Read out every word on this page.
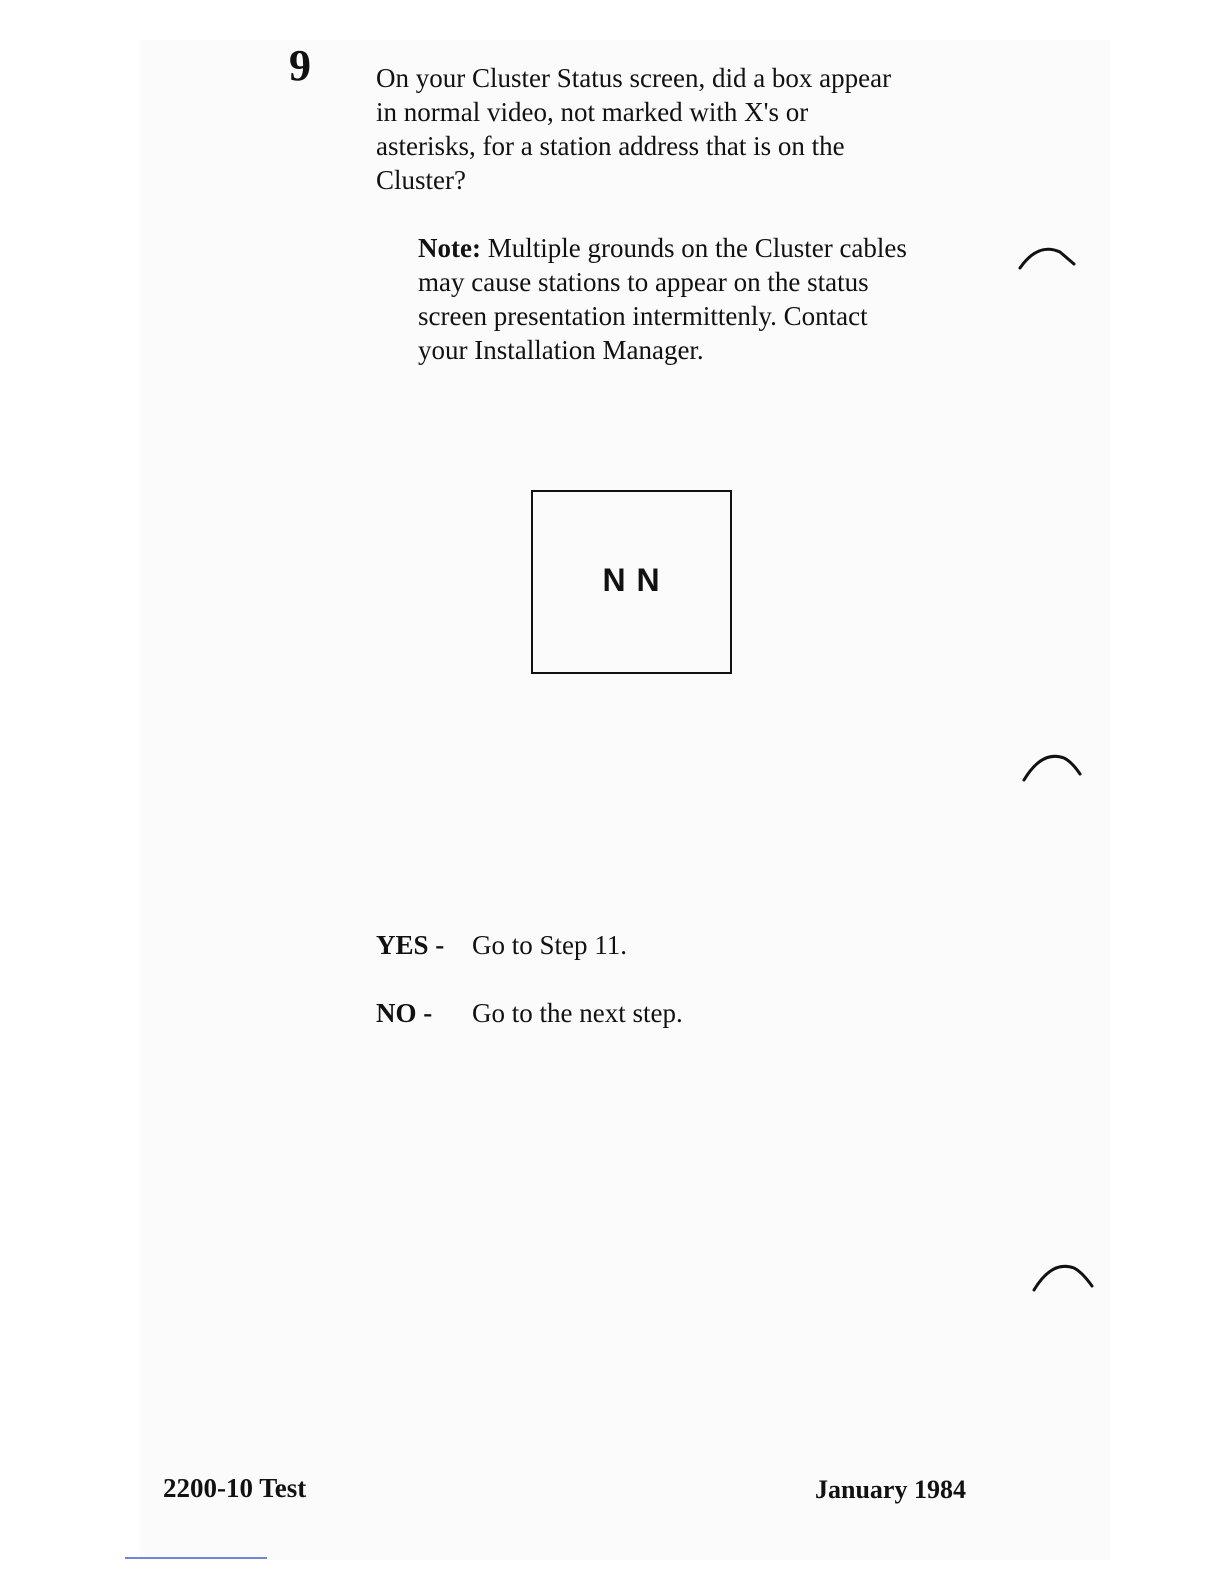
9 On your Cluster Status screen, did a box appear
in normal video, not marked with X's or
asterisks, for a station address that is on the
Cluster?
Note: Multiple grounds on the Cluster cables
may cause stations to appear on the status
screen presentation intermittenly. Contact
your Installation Manager.
N N
YES - Go to Step 11.
NO - Go to the next step.
2200-10 Test	January 1984
